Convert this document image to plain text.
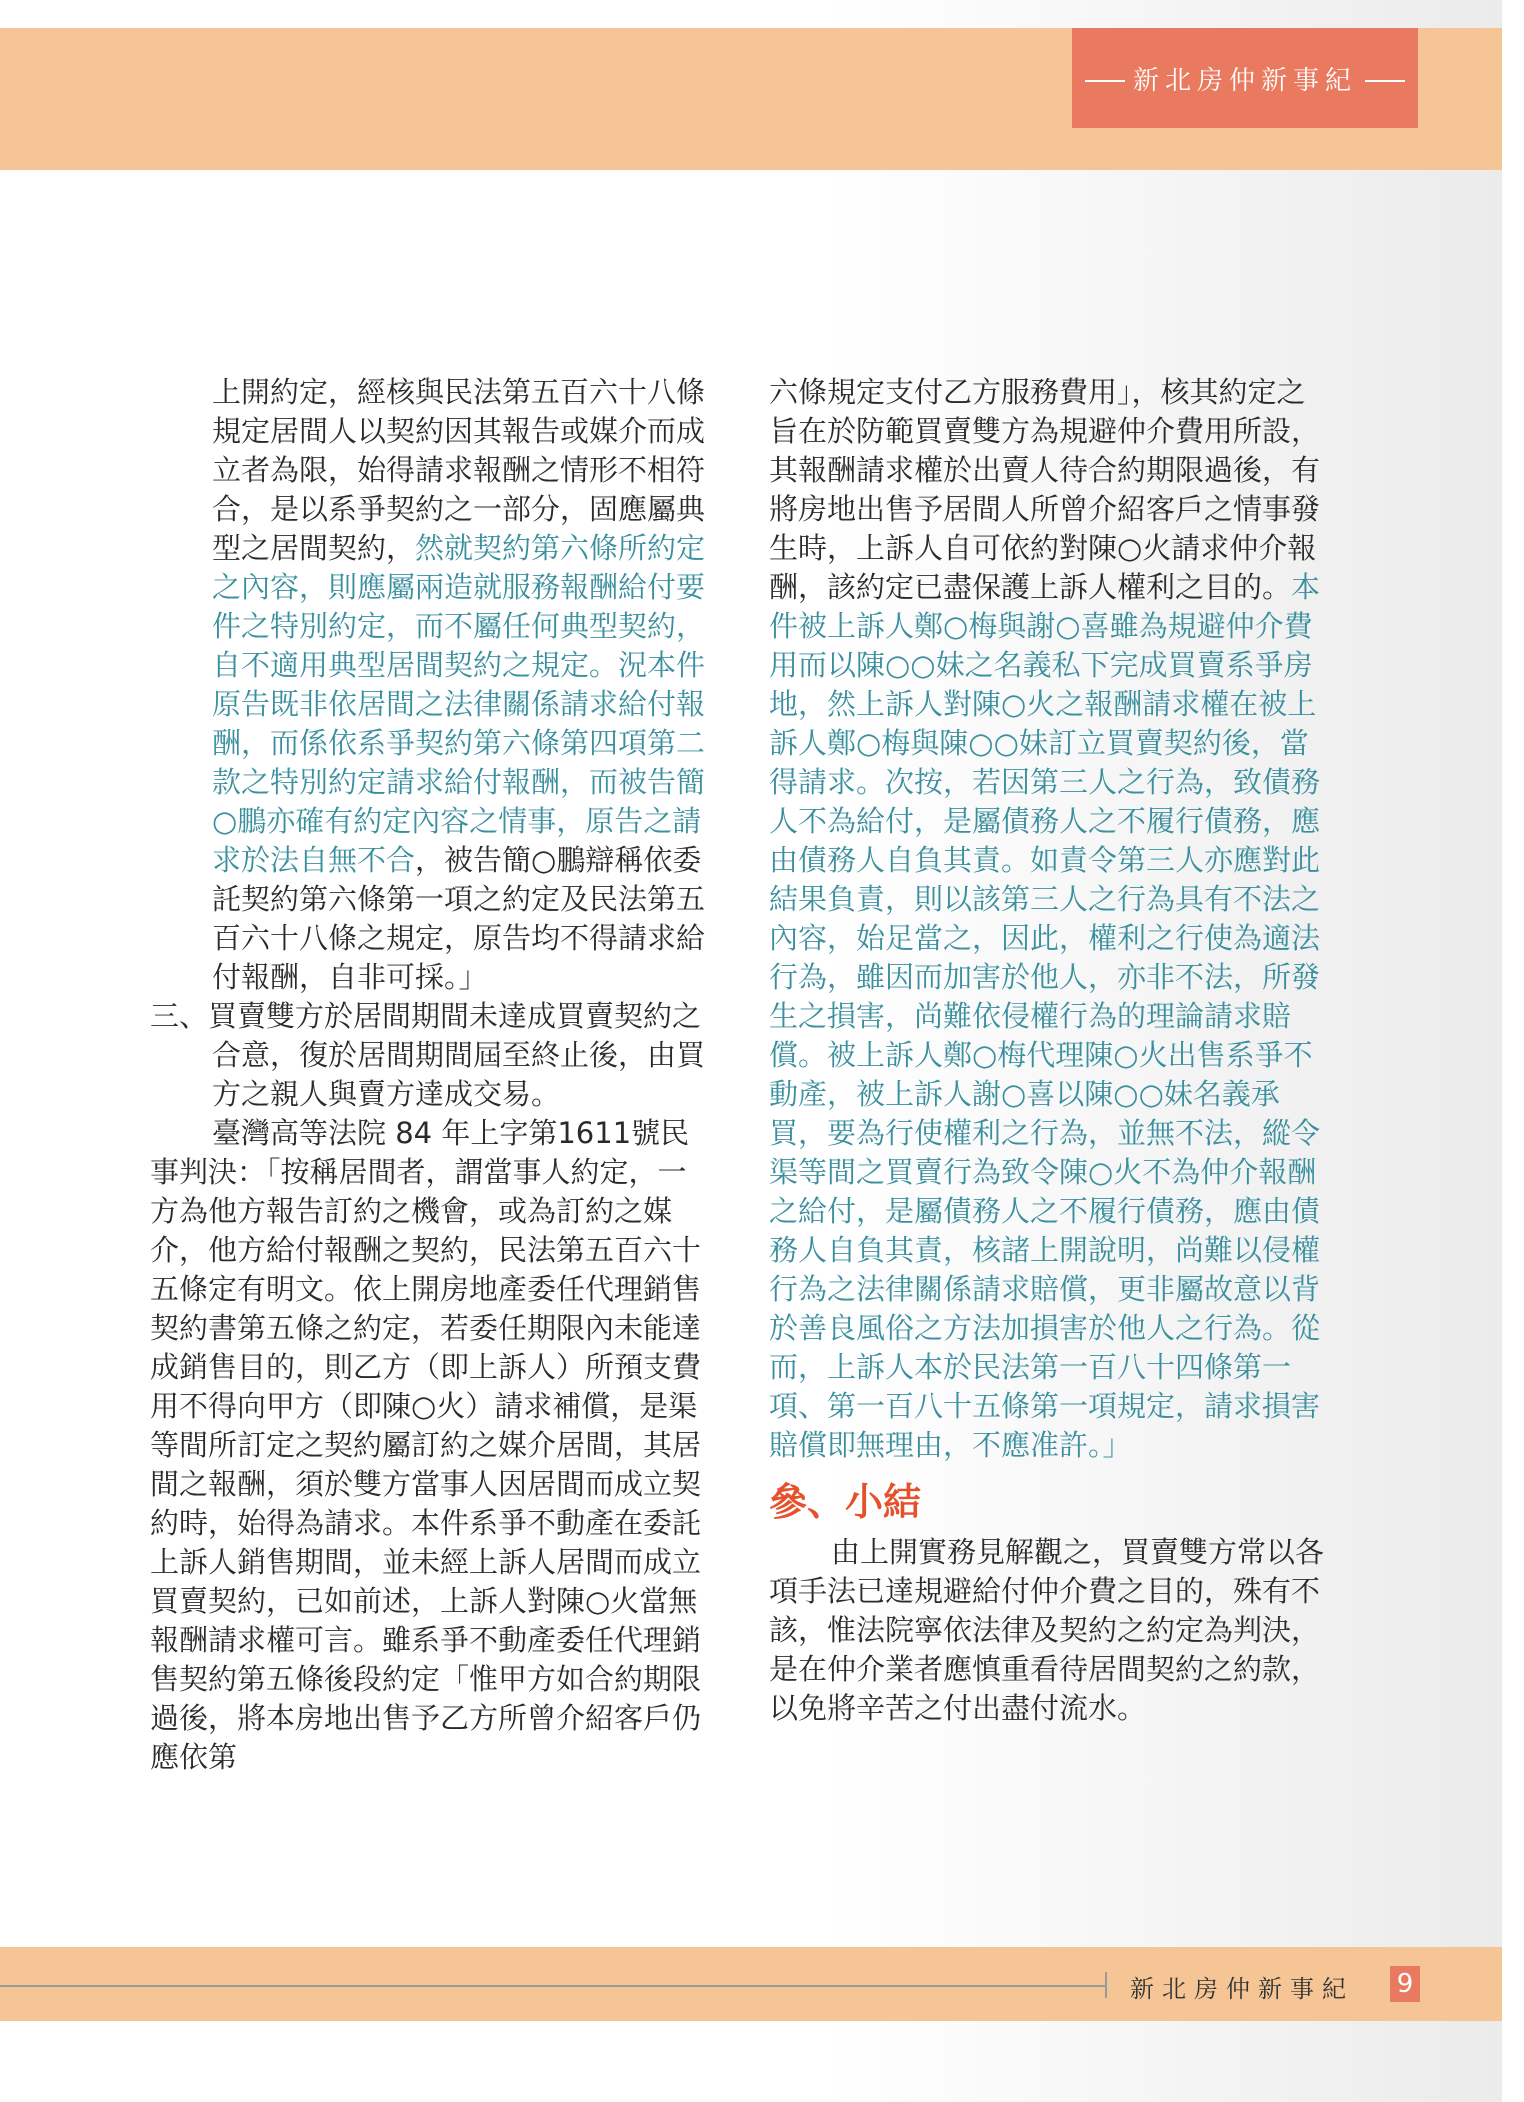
新北房仲新事紀

上開約定，經核與民法第五百六十八條規定居間人以契約因其報告或媒介而成立者為限，始得請求報酬之情形不相符合，是以系爭契約之一部分，固應屬典型之居間契約，然就契約第六條所約定之內容，則應屬兩造就服務報酬給付要件之特別約定，而不屬任何典型契約，自不適用典型居間契約之規定。況本件原告既非依居間之法律關係請求給付報酬，而係依系爭契約第六條第四項第二款之特別約定請求給付報酬，而被告簡○鵬亦確有約定內容之情事，原告之請求於法自無不合，被告簡○鵬辯稱依委託契約第六條第一項之約定及民法第五百六十八條之規定，原告均不得請求給付報酬，自非可採。」

三、買賣雙方於居間期間未達成買賣契約之合意，復於居間期間屆至終止後，由買方之親人與賣方達成交易。

臺灣高等法院 84 年上字第1611號民事判決：「按稱居間者，謂當事人約定，一方為他方報告訂約之機會，或為訂約之媒介，他方給付報酬之契約，民法第五百六十五條定有明文。依上開房地產委任代理銷售契約書第五條之約定，若委任期限內未能達成銷售目的，則乙方（即上訴人）所預支費用不得向甲方（即陳○火）請求補償，是渠等間所訂定之契約屬訂約之媒介居間，其居間之報酬，須於雙方當事人因居間而成立契約時，始得為請求。本件系爭不動產在委託上訴人銷售期間，並未經上訴人居間而成立買賣契約，已如前述，上訴人對陳○火當無報酬請求權可言。雖系爭不動產委任代理銷售契約第五條後段約定「惟甲方如合約期限過後，將本房地出售予乙方所曾介紹客戶仍應依第

六條規定支付乙方服務費用」，核其約定之旨在於防範買賣雙方為規避仲介費用所設，其報酬請求權於出賣人待合約期限過後，有將房地出售予居間人所曾介紹客戶之情事發生時，上訴人自可依約對陳○火請求仲介報酬，該約定已盡保護上訴人權利之目的。本件被上訴人鄭○梅與謝○喜雖為規避仲介費用而以陳○○妹之名義私下完成買賣系爭房地，然上訴人對陳○火之報酬請求權在被上訴人鄭○梅與陳○○妹訂立買賣契約後，當得請求。次按，若因第三人之行為，致債務人不為給付，是屬債務人之不履行債務，應由債務人自負其責。如責令第三人亦應對此結果負責，則以該第三人之行為具有不法之內容，始足當之，因此，權利之行使為適法行為，雖因而加害於他人，亦非不法，所發生之損害，尚難依侵權行為的理論請求賠償。被上訴人鄭○梅代理陳○火出售系爭不動產，被上訴人謝○喜以陳○○妹名義承買，要為行使權利之行為，並無不法，縱令渠等間之買賣行為致令陳○火不為仲介報酬之給付，是屬債務人之不履行債務，應由債務人自負其責，核諸上開說明，尚難以侵權行為之法律關係請求賠償，更非屬故意以背於善良風俗之方法加損害於他人之行為。從而，上訴人本於民法第一百八十四條第一項、第一百八十五條第一項規定，請求損害賠償即無理由，不應准許。」

參、小結

由上開實務見解觀之，買賣雙方常以各項手法已達規避給付仲介費之目的，殊有不該，惟法院寧依法律及契約之約定為判決，是在仲介業者應慎重看待居間契約之約款，以免將辛苦之付出盡付流水。

新北房仲新事紀 9
